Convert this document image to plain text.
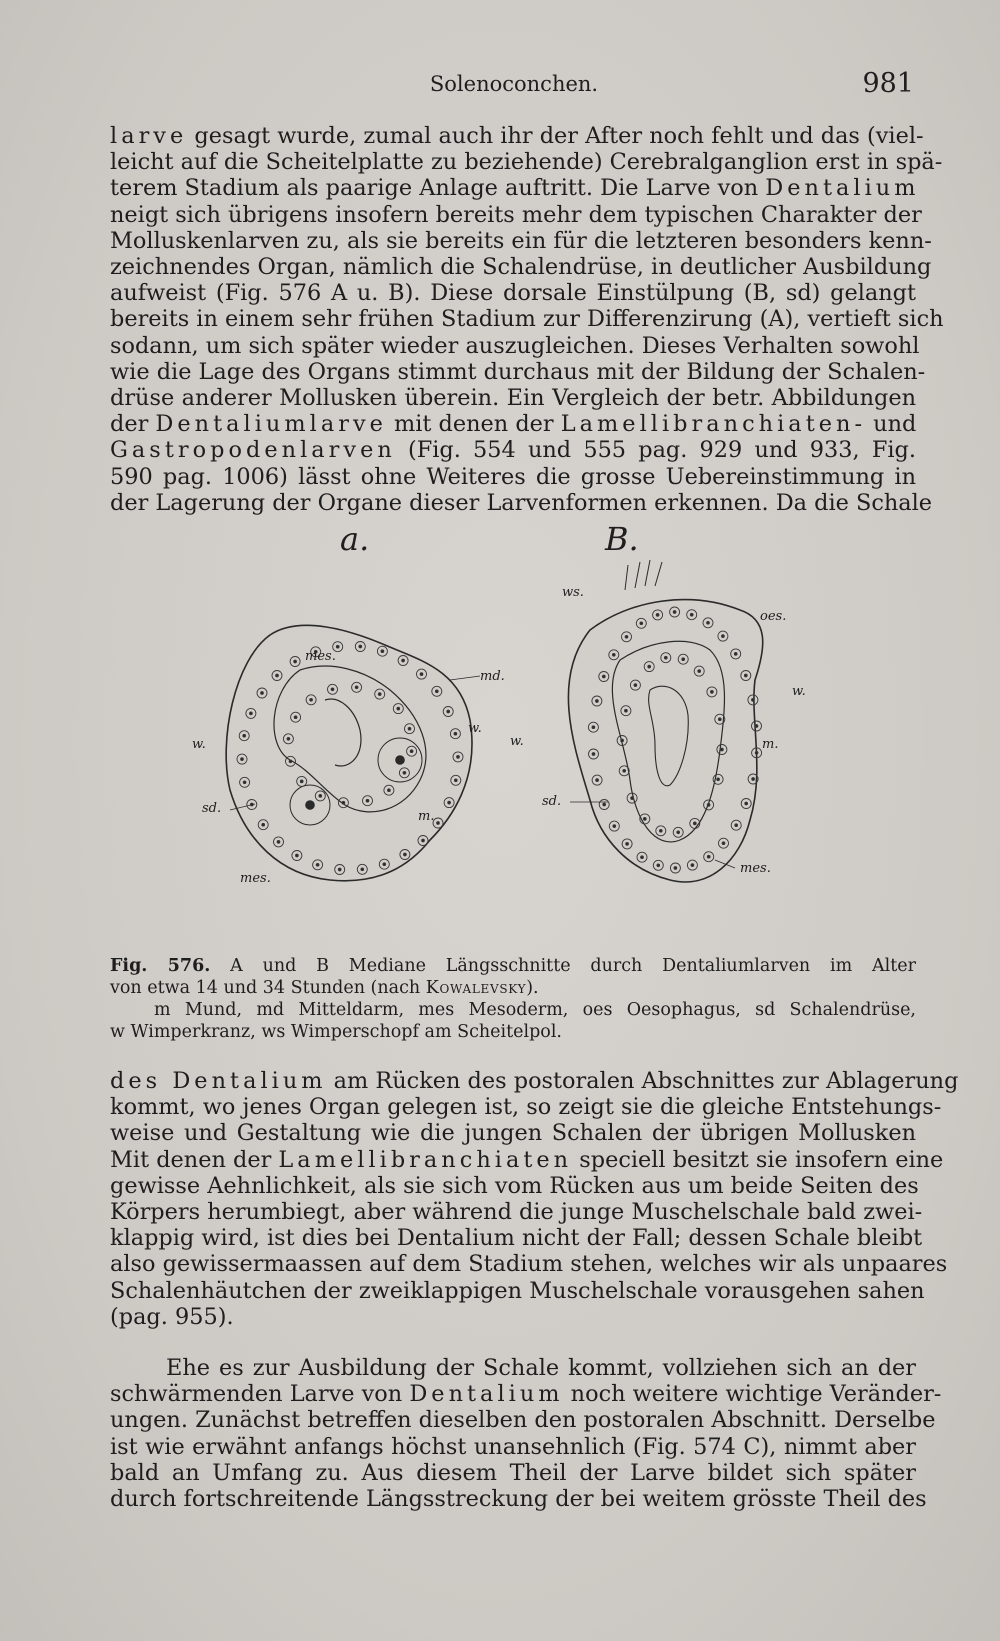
Solenoconchen.	981
larve gesagt wurde, zumal auch ihr der After noch fehlt und das (viel-
leicht auf die Scheitelplatte zu beziehende) Cerebralganglion erst in spä-
terem Stadium als paarige Anlage auftritt. Die Larve von Dentalium
neigt sich übrigens insofern bereits mehr dem typischen Charakter der
Molluskenlarven zu, als sie bereits ein für die letzteren besonders kenn-
zeichnendes Organ, nämlich die Schalendrüse, in deutlicher Ausbildung
aufweist (Fig. 576 A u. B). Diese dorsale Einstülpung (B, sd) gelangt
bereits in einem sehr frühen Stadium zur Differenzirung (A), vertieft sich
sodann, um sich später wieder auszugleichen. Dieses Verhalten sowohl
wie die Lage des Organs stimmt durchaus mit der Bildung der Schalen-
drüse anderer Mollusken überein. Ein Vergleich der betr. Abbildungen
der Dentaliumlarve mit denen der Lamellibranchiaten- und
Gastropodenlarven (Fig. 554 und 555 pag. 929 und 933, Fig.
590 pag. 1006) lässt ohne Weiteres die grosse Uebereinstimmung in
der Lagerung der Organe dieser Larvenformen erkennen. Da die Schale
a.	B.
mes.
md.
w.
w.
sd.
m.
mes.
ws.
oes.
w.
w.	m.
sd.
mes.
Fig. 576. A und B Mediane Längsschnitte durch Dentaliumlarven im Alter
von etwa 14 und 34 Stunden (nach Kowalevsky).
m Mund, md Mitteldarm, mes Mesoderm, oes Oesophagus, sd Schalendrüse,
w Wimperkranz, ws Wimperschopf am Scheitelpol.
des Dentalium am Rücken des postoralen Abschnittes zur Ablagerung
kommt, wo jenes Organ gelegen ist, so zeigt sie die gleiche Entstehungs-
weise und Gestaltung wie die jungen Schalen der übrigen Mollusken
Mit denen der Lamellibranchiaten speciell besitzt sie insofern eine
gewisse Aehnlichkeit, als sie sich vom Rücken aus um beide Seiten des
Körpers herumbiegt, aber während die junge Muschelschale bald zwei-
klappig wird, ist dies bei Dentalium nicht der Fall; dessen Schale bleibt
also gewissermaassen auf dem Stadium stehen, welches wir als unpaares
Schalenhäutchen der zweiklappigen Muschelschale vorausgehen sahen
(pag. 955).
Ehe es zur Ausbildung der Schale kommt, vollziehen sich an der
schwärmenden Larve von Dentalium noch weitere wichtige Veränder-
ungen. Zunächst betreffen dieselben den postoralen Abschnitt. Derselbe
ist wie erwähnt anfangs höchst unansehnlich (Fig. 574 C), nimmt aber
bald an Umfang zu. Aus diesem Theil der Larve bildet sich später
durch fortschreitende Längsstreckung der bei weitem grösste Theil des
